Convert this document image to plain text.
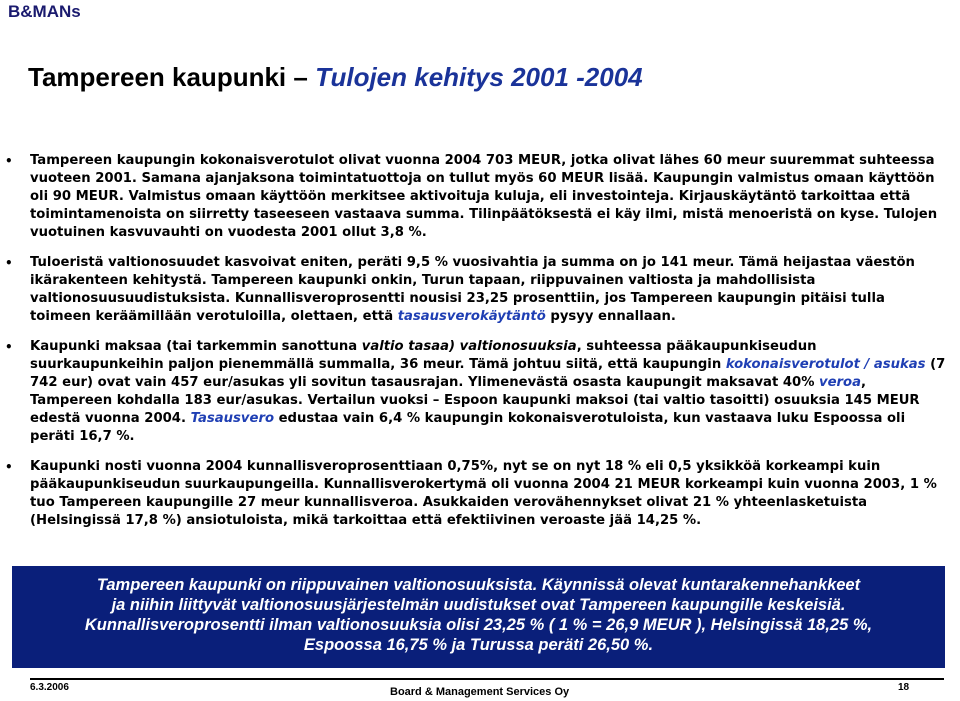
B&MANs
Tampereen kaupunki – Tulojen kehitys 2001 -2004
• Tampereen kaupungin kokonaisverotulot olivat vuonna 2004 703 MEUR, jotka olivat lähes 60 meur suuremmat suhteessa vuoteen 2001. Samana ajanjaksona toimintatuottoja on tullut myös 60 MEUR lisää. Kaupungin valmistus omaan käyttöön oli 90 MEUR. Valmistus omaan käyttöön merkitsee aktivoituja kuluja, eli investointeja. Kirjauskäytäntö tarkoittaa että toimintamenoista on siirretty taseeseen vastaava summa. Tilinpäätöksestä ei käy ilmi, mistä menoeristä on kyse. Tulojen vuotuinen kasvuvauhti on vuodesta 2001 ollut 3,8 %.
• Tuloeristä valtionosuudet kasvoivat eniten, peräti 9,5 % vuosivahtia ja summa on jo 141 meur. Tämä heijastaa väestön ikärakenteen kehitystä. Tampereen kaupunki onkin, Turun tapaan, riippuvainen valtiosta ja mahdollisista valtionosuusuudistuksista. Kunnallisveroprosentti nousisi 23,25 prosenttiin, jos Tampereen kaupungin pitäisi tulla toimeen keräämillään verotuloilla, olettaen, että tasausverokäytäntö pysyy ennallaan.
• Kaupunki maksaa (tai tarkemmin sanottuna valtio tasaa) valtionosuuksia, suhteessa pääkaupunkiseudun suurkaupunkeihin paljon pienemmällä summalla, 36 meur. Tämä johtuu siitä, että kaupungin kokonaisverotulot / asukas (7 742 eur) ovat vain 457 eur/asukas yli sovitun tasausrajan. Ylimenevästä osasta kaupungit maksavat 40% veroa, Tampereen kohdalla 183 eur/asukas. Vertailun vuoksi – Espoon kaupunki maksoi (tai valtio tasoitti) osuuksia 145 MEUR edestä vuonna 2004. Tasausvero edustaa vain 6,4 % kaupungin kokonaisverotuloista, kun vastaava luku Espoossa oli peräti 16,7 %.
• Kaupunki nosti vuonna 2004 kunnallisveroprosenttiaan 0,75%, nyt se on nyt 18 % eli 0,5 yksikköä korkeampi kuin pääkaupunkiseudun suurkaupungeilla. Kunnallisverokertymä oli vuonna 2004 21 MEUR korkeampi kuin vuonna 2003, 1 % tuo Tampereen kaupungille 27 meur kunnallisveroa. Asukkaiden verovähennykset olivat 21 % yhteenlasketuista (Helsingissä 17,8 %) ansiotuloista, mikä tarkoittaa että efektiivinen veroaste jää 14,25 %.
Tampereen kaupunki on riippuvainen valtionosuuksista. Käynnissä olevat kuntarakennehankkeet
ja niihin liittyvät valtionosuusjärjestelmän uudistukset ovat Tampereen kaupungille keskeisiä.
Kunnallisveroprosentti ilman valtionosuuksia olisi 23,25 % ( 1 % = 26,9 MEUR ), Helsingissä 18,25 %,
Espoossa 16,75 % ja Turussa peräti 26,50 %.
6.3.2006	Board & Management Services Oy	18
